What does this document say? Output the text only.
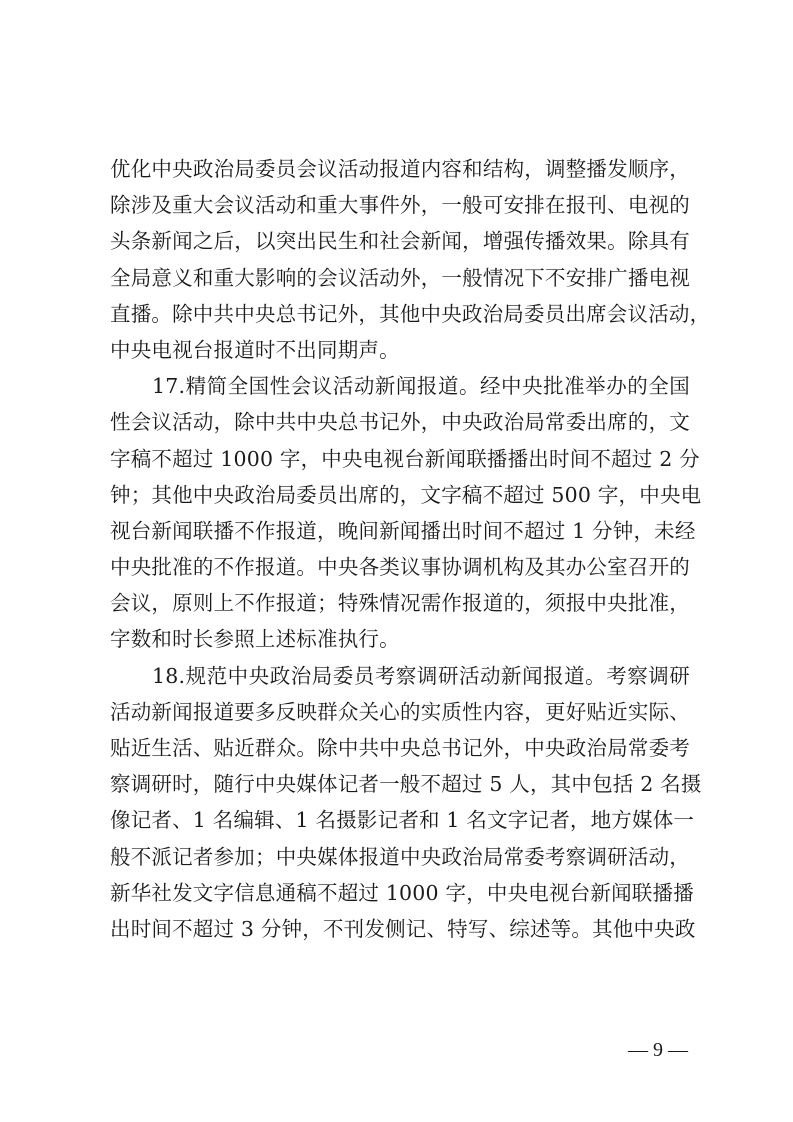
优化中央政治局委员会议活动报道内容和结构，调整播发顺序，
除涉及重大会议活动和重大事件外，一般可安排在报刊、电视的
头条新闻之后，以突出民生和社会新闻，增强传播效果。除具有
全局意义和重大影响的会议活动外，一般情况下不安排广播电视
直播。除中共中央总书记外，其他中央政治局委员出席会议活动，
中央电视台报道时不出同期声。
　　17.精简全国性会议活动新闻报道。经中央批准举办的全国
性会议活动，除中共中央总书记外，中央政治局常委出席的，文
字稿不超过 1000 字，中央电视台新闻联播播出时间不超过 2 分
钟；其他中央政治局委员出席的，文字稿不超过 500 字，中央电
视台新闻联播不作报道，晚间新闻播出时间不超过 1 分钟，未经
中央批准的不作报道。中央各类议事协调机构及其办公室召开的
会议，原则上不作报道；特殊情况需作报道的，须报中央批准，
字数和时长参照上述标准执行。
　　18.规范中央政治局委员考察调研活动新闻报道。考察调研
活动新闻报道要多反映群众关心的实质性内容，更好贴近实际、
贴近生活、贴近群众。除中共中央总书记外，中央政治局常委考
察调研时，随行中央媒体记者一般不超过 5 人，其中包括 2 名摄
像记者、1 名编辑、1 名摄影记者和 1 名文字记者，地方媒体一
般不派记者参加；中央媒体报道中央政治局常委考察调研活动，
新华社发文字信息通稿不超过 1000 字，中央电视台新闻联播播
出时间不超过 3 分钟，不刊发侧记、特写、综述等。其他中央政
— 9 —
